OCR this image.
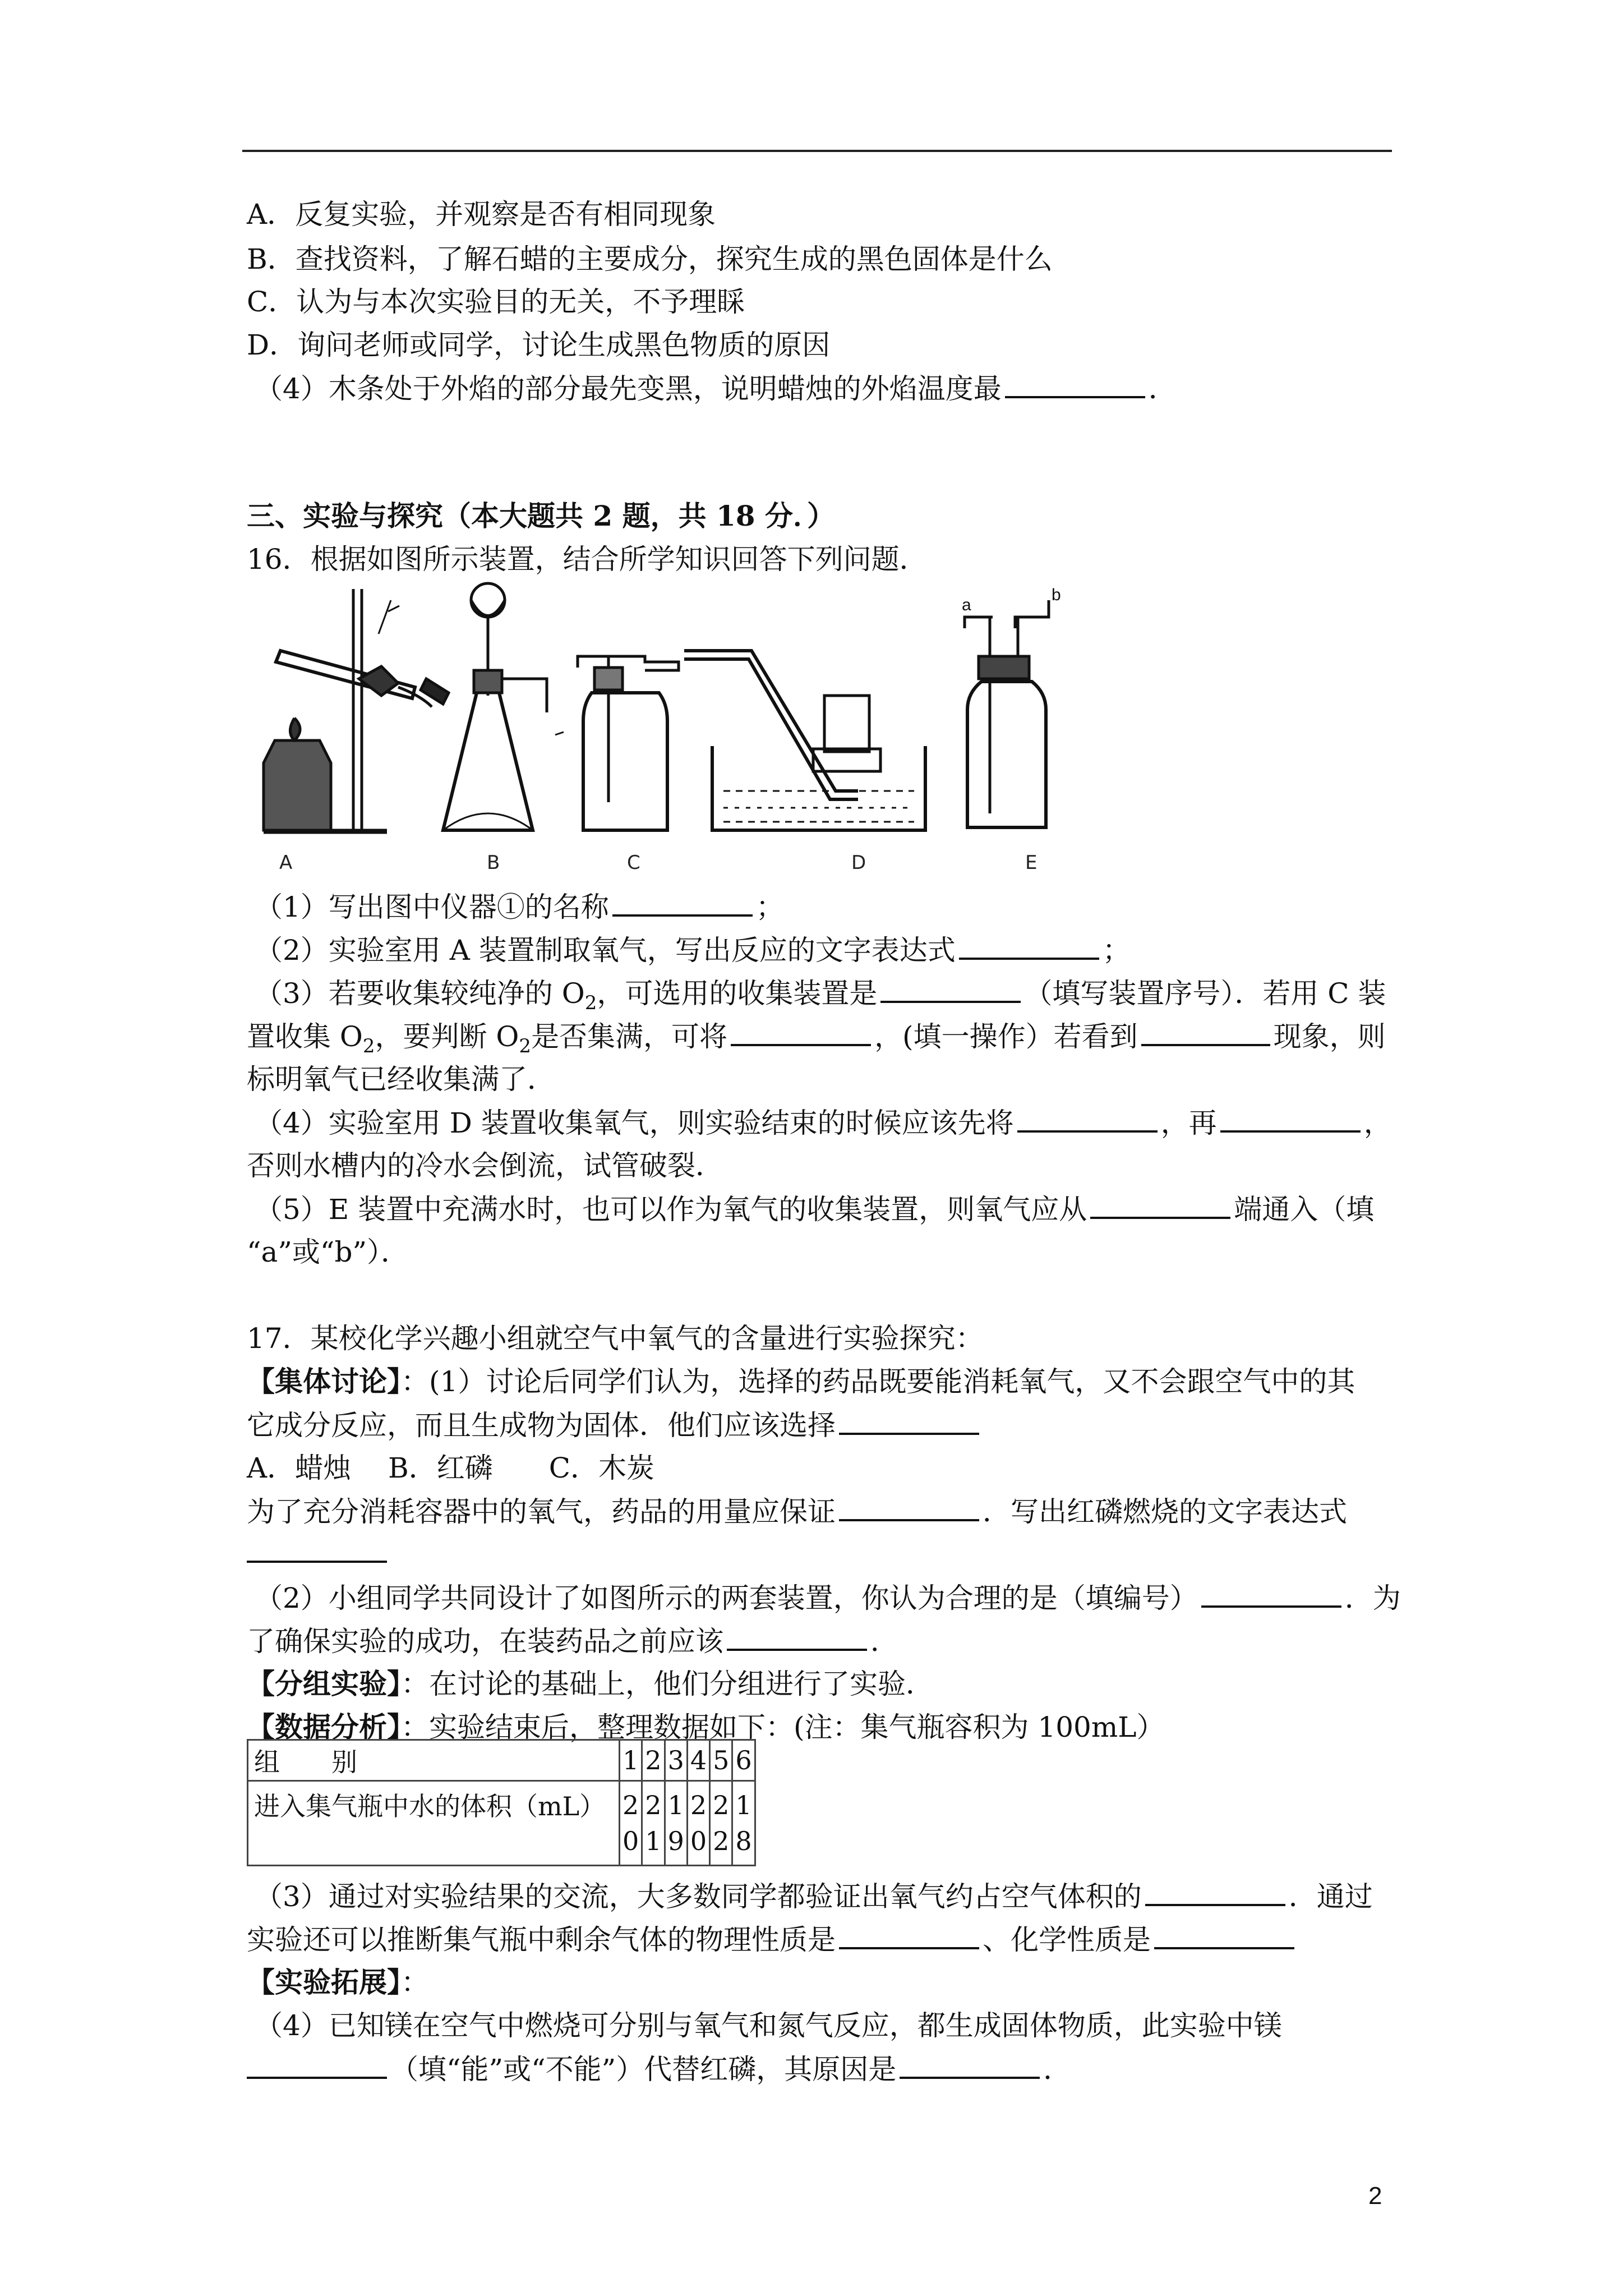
A．反复实验，并观察是否有相同现象
B．查找资料，了解石蜡的主要成分，探究生成的黑色固体是什么
C．认为与本次实验目的无关，不予理睬
D．询问老师或同学，讨论生成黑色物质的原因
（4）木条处于外焰的部分最先变黑，说明蜡烛的外焰温度最	．
三、实验与探究（本大题共 2 题，共 18 分．）
16．根据如图所示装置，结合所学知识回答下列问题．
a
b
A	B	C	D	E
（1）写出图中仪器①的名称	；
（2）实验室用 A 装置制取氧气，写出反应的文字表达式	；
（3）若要收集较纯净的 $O_2$，可选用的收集装置是	（填写装置序号）．若用 C 装
置收集 $O_2$，要判断 $O_2$是否集满，可将	，(填一操作）若看到	现象，则
标明氧气已经收集满了．
（4）实验室用 D 装置收集氧气，则实验结束的时候应该先将	，再	，
否则水槽内的冷水会倒流，试管破裂．
（5）E 装置中充满水时，也可以作为氧气的收集装置，则氧气应从	端通入（填
“a”或“b”）．
17．某校化学兴趣小组就空气中氧气的含量进行实验探究：
【集体讨论】：(1）讨论后同学们认为，选择的药品既要能消耗氧气，又不会跟空气中的其
它成分反应，而且生成物为固体．他们应该选择
A．蜡烛　 B．红磷　　C．木炭
为了充分消耗容器中的氧气，药品的用量应保证	．写出红磷燃烧的文字表达式
（2）小组同学共同设计了如图所示的两套装置，你认为合理的是（填编号）	．为
了确保实验的成功，在装药品之前应该	．
【分组实验】：在讨论的基础上，他们分组进行了实验．
【数据分析】：实验结束后，整理数据如下：(注：集气瓶容积为 100mL）
组　　别	1	2	3	4	5	6
进入集气瓶中水的体积（mL）	20	21	19	20	22	18
（3）通过对实验结果的交流，大多数同学都验证出氧气约占空气体积的	．通过
实验还可以推断集气瓶中剩余气体的物理性质是	、化学性质是
【实验拓展】：
（4）已知镁在空气中燃烧可分别与氧气和氮气反应，都生成固体物质，此实验中镁
（填“能”或“不能”）代替红磷，其原因是	．
2
